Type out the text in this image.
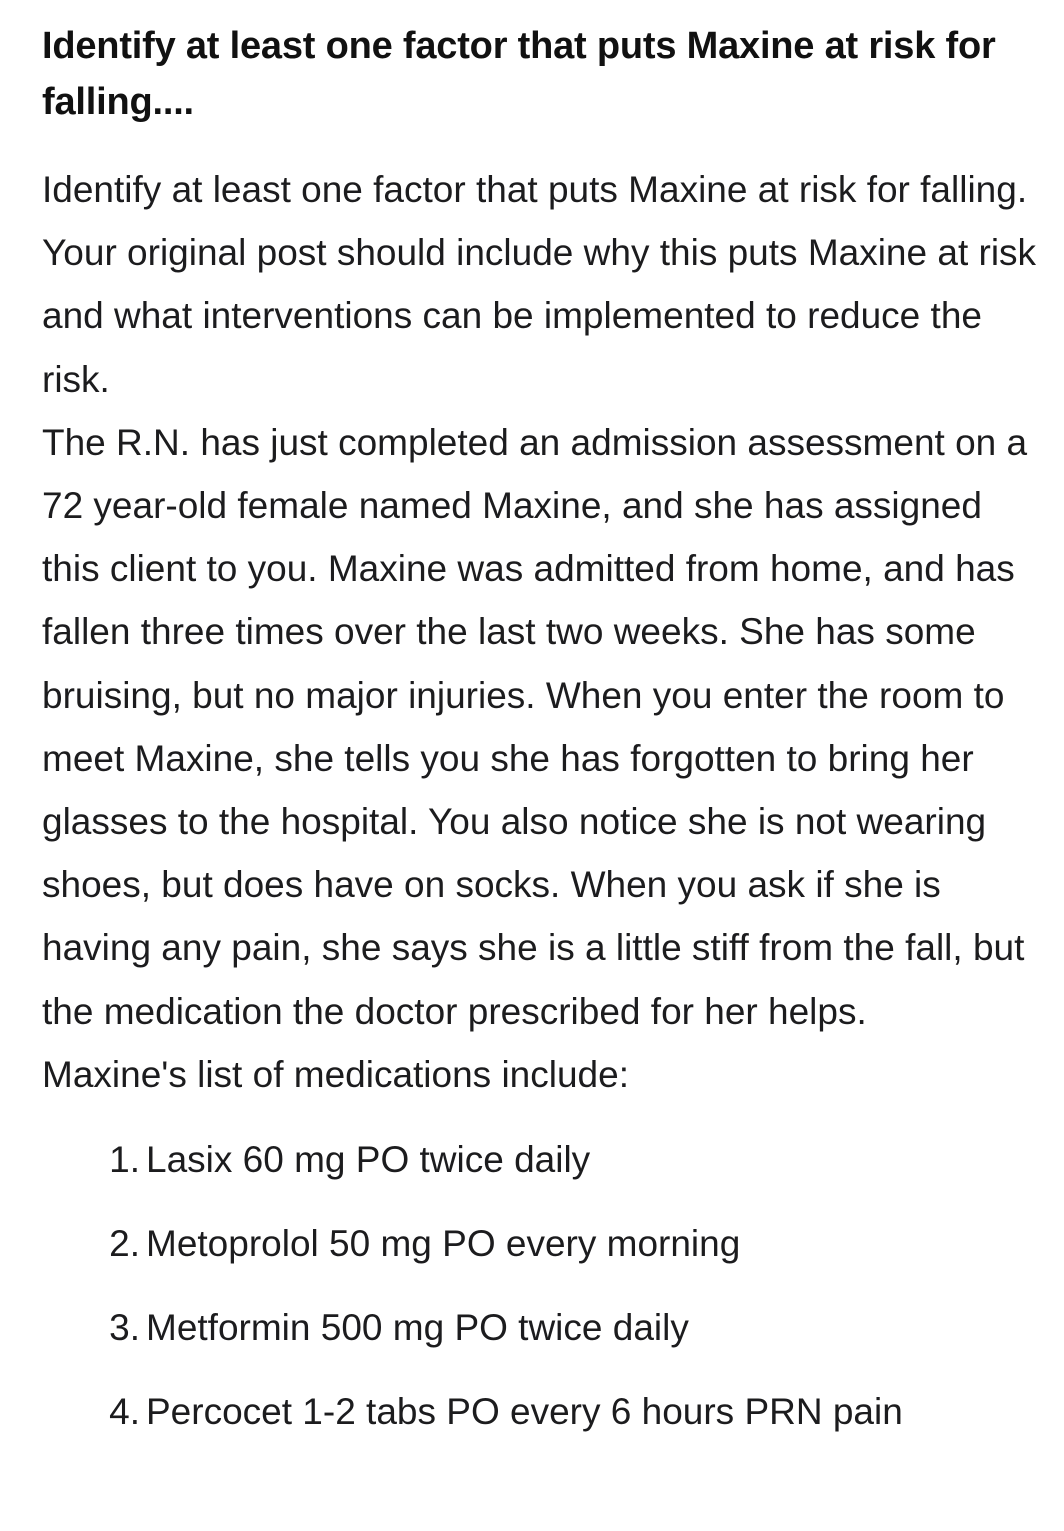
Identify at least one factor that puts Maxine at risk for falling....

Identify at least one factor that puts Maxine at risk for falling. Your original post should include why this puts Maxine at risk and what interventions can be implemented to reduce the risk.

The R.N. has just completed an admission assessment on a 72 year-old female named Maxine, and she has assigned this client to you. Maxine was admitted from home, and has fallen three times over the last two weeks. She has some bruising, but no major injuries. When you enter the room to meet Maxine, she tells you she has forgotten to bring her glasses to the hospital. You also notice she is not wearing shoes, but does have on socks. When you ask if she is having any pain, she says she is a little stiff from the fall, but the medication the doctor prescribed for her helps.

Maxine's list of medications include:

1. Lasix 60 mg PO twice daily
2. Metoprolol 50 mg PO every morning
3. Metformin 500 mg PO twice daily
4. Percocet 1-2 tabs PO every 6 hours PRN pain
